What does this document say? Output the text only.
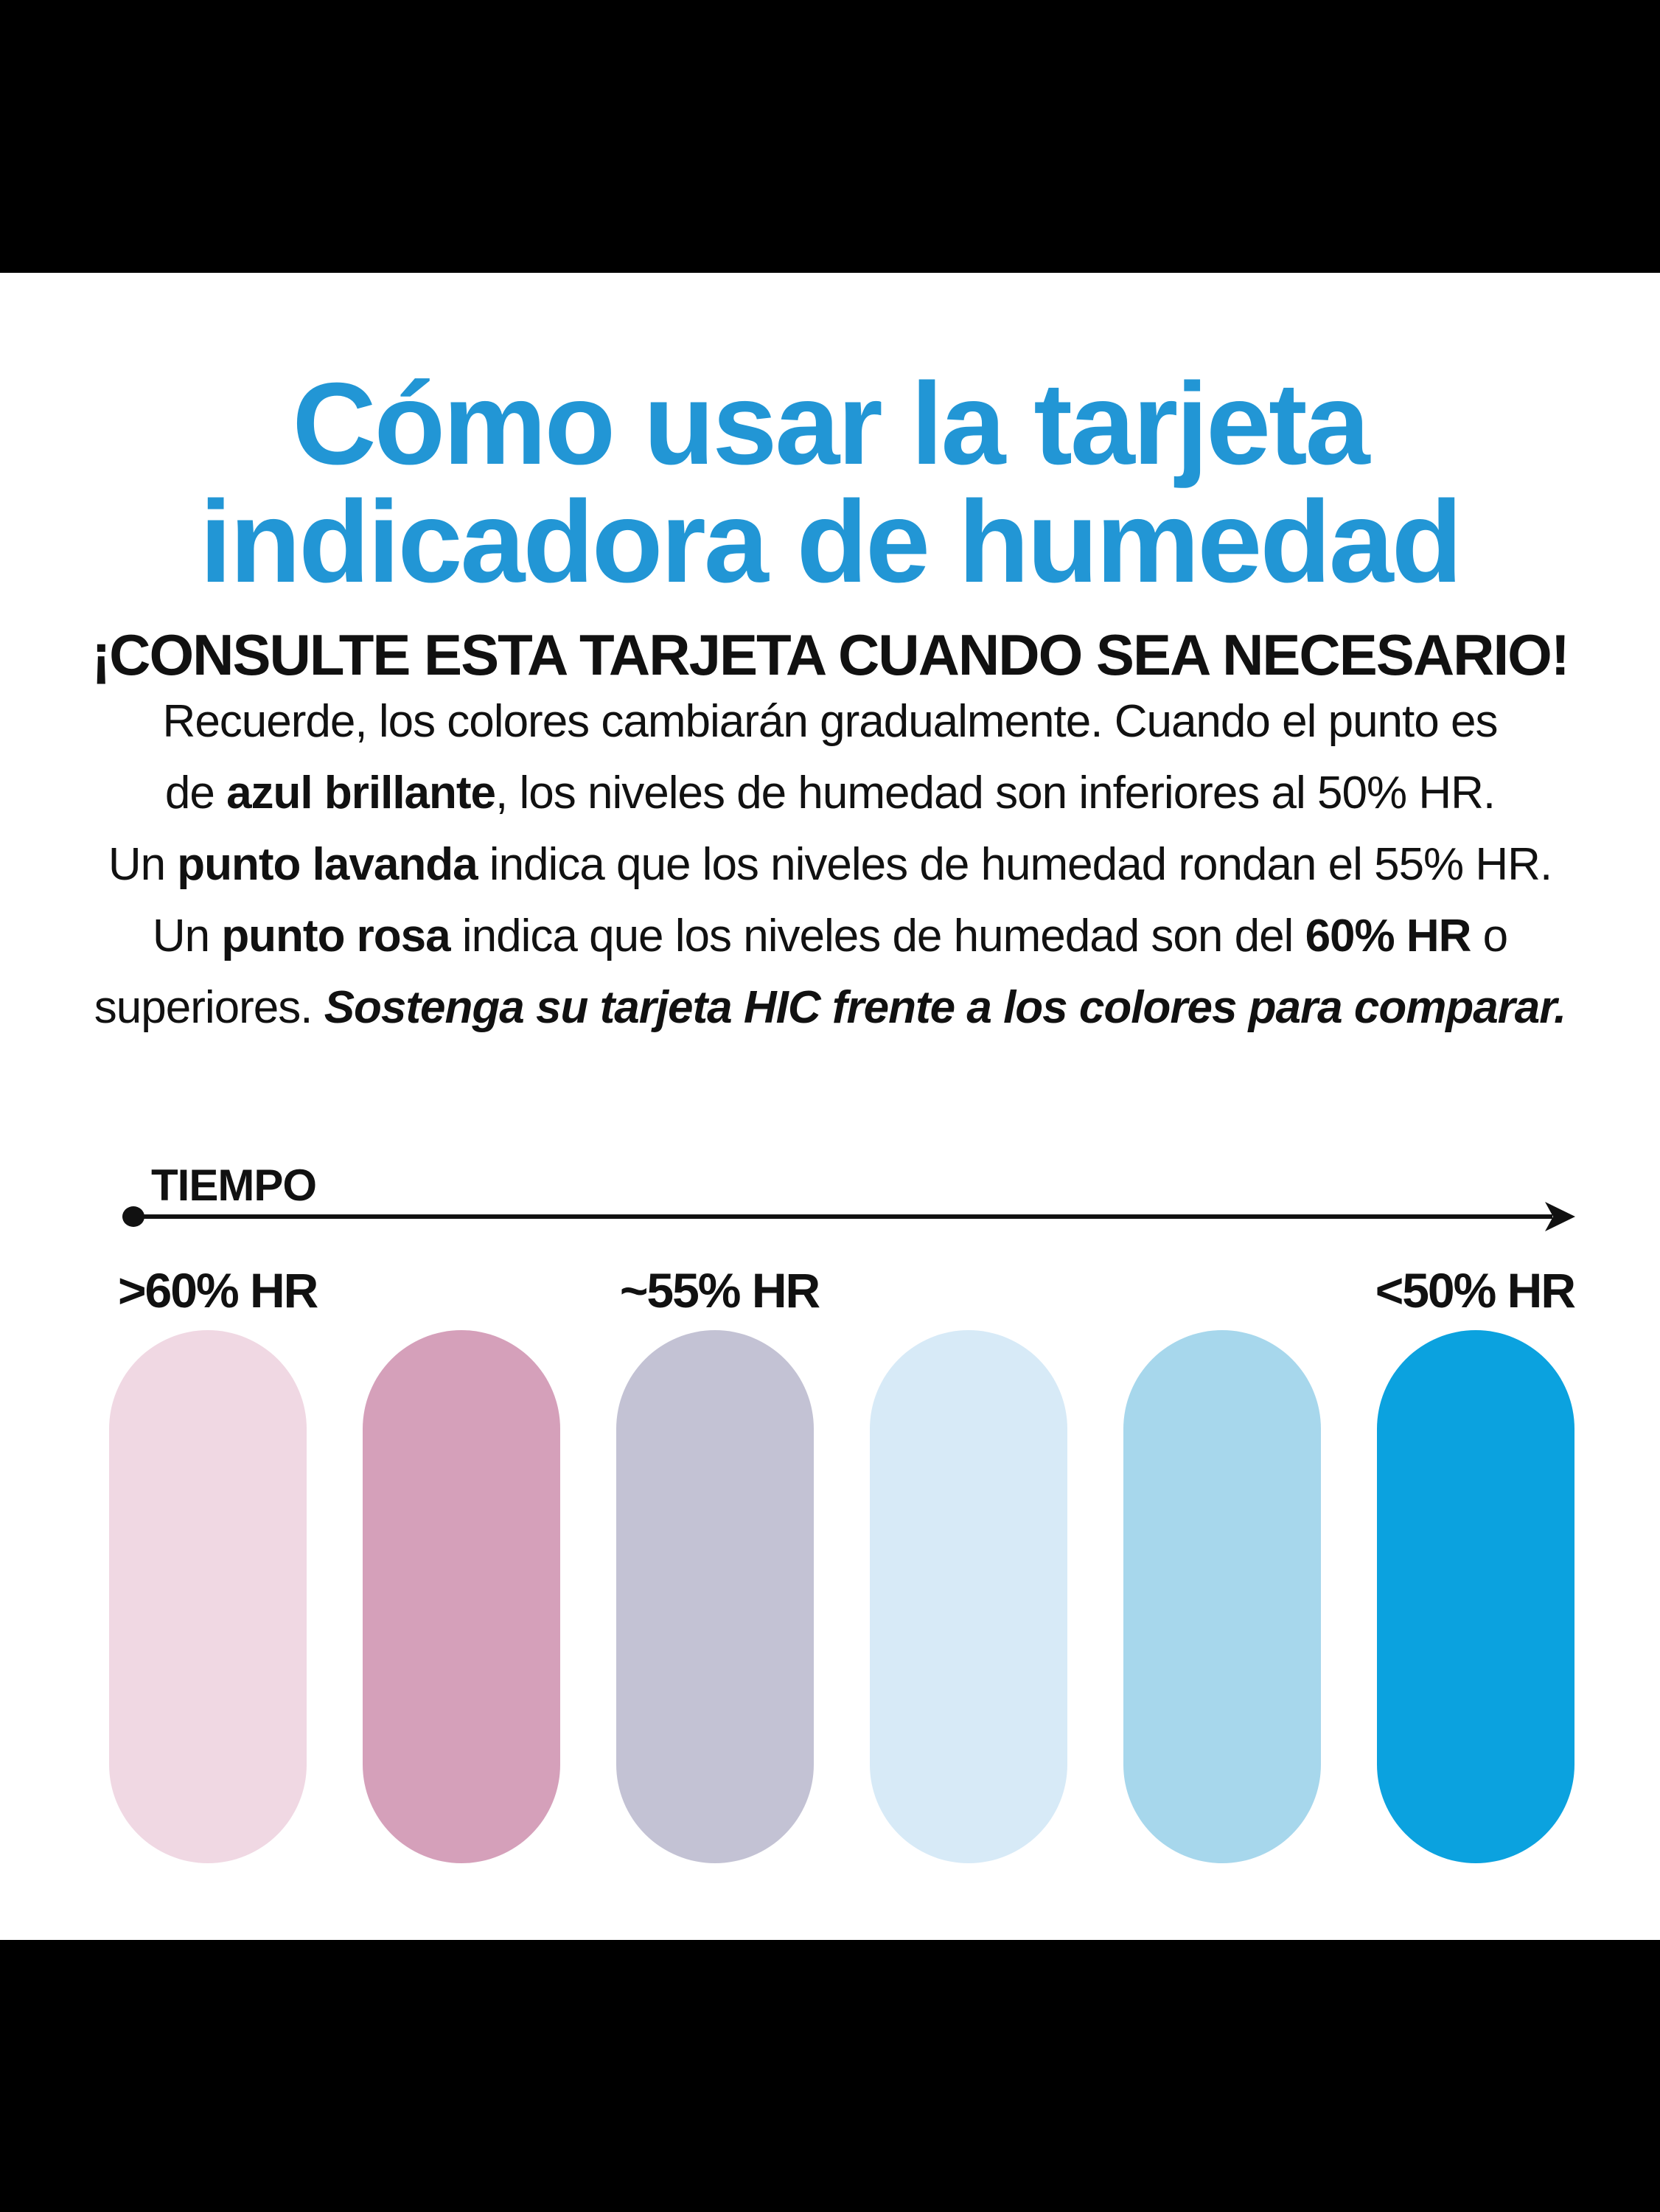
Cómo usar la tarjeta
indicadora de humedad
¡CONSULTE ESTA TARJETA CUANDO SEA NECESARIO!
Recuerde, los colores cambiarán gradualmente. Cuando el punto es
de azul brillante, los niveles de humedad son inferiores al 50% HR.
Un punto lavanda indica que los niveles de humedad rondan el 55% HR.
Un punto rosa indica que los niveles de humedad son del 60% HR o
superiores. Sostenga su tarjeta HIC frente a los colores para comparar.
TIEMPO
>60% HR	~55% HR	<50% HR
